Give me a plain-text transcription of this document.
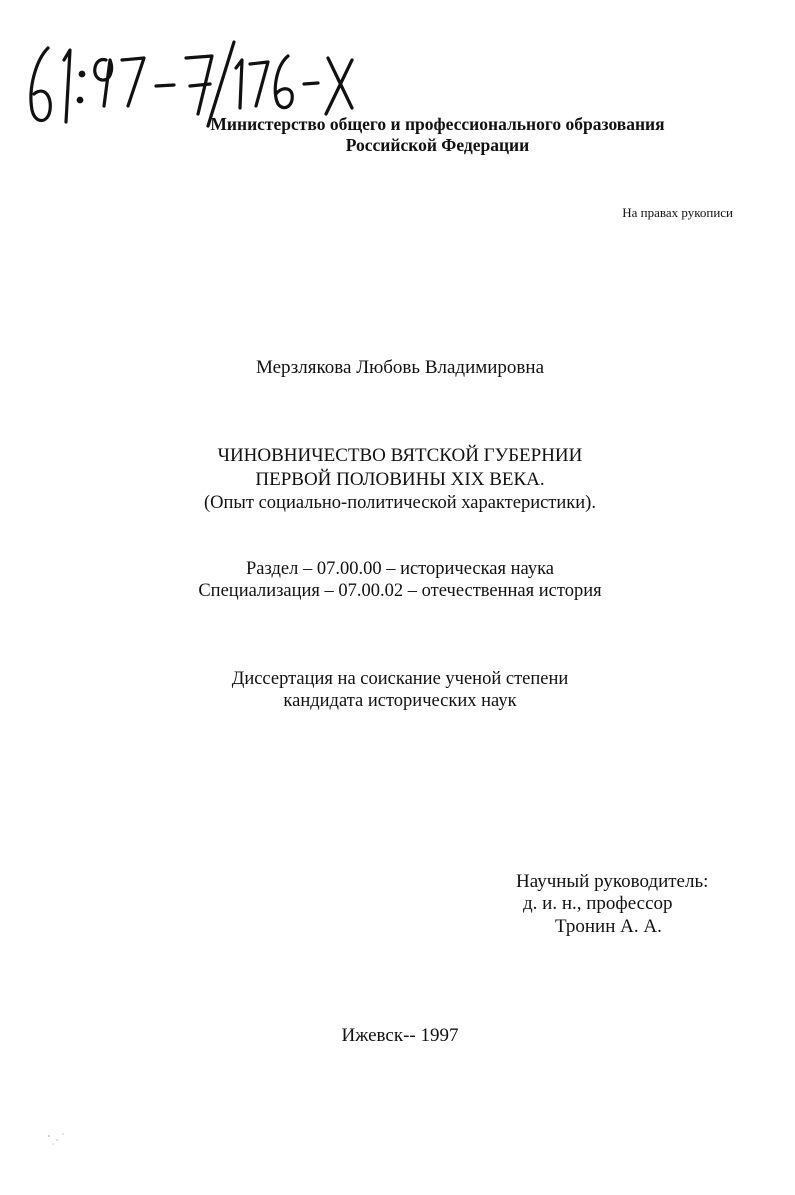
Министерство общего и профессионального образования
Российской Федерации
На правах рукописи
Мерзлякова Любовь Владимировна
ЧИНОВНИЧЕСТВО ВЯТСКОЙ ГУБЕРНИИ
ПЕРВОЙ ПОЛОВИНЫ XIX ВЕКА.
(Опыт социально-политической характеристики).
Раздел – 07.00.00 – историческая наука
Специализация – 07.00.02 – отечественная история
Диссертация на соискание ученой степени
кандидата исторических наук
Научный руководитель:
д. и. н., профессор
Тронин А. А.
Ижевск-- 1997
